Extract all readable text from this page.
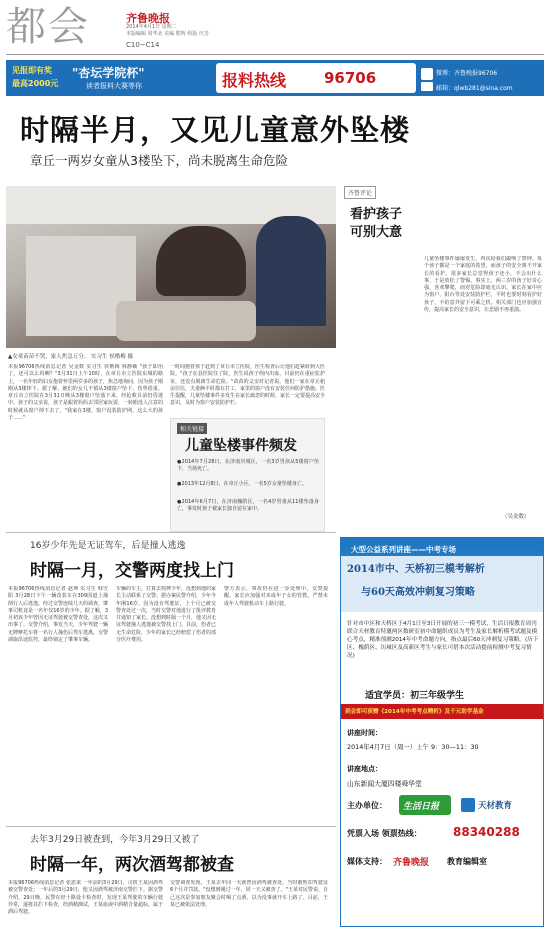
都会	齐鲁晚报
2014年4月1日 星期二
本版编辑 周华北 美编 熊辉 组版 庆芳
C10~C14
见报即有奖
最高2000元
"杏坛学院杯"
读者报料大赛等你	报料热线	96706	微博：齐鲁晚报96706
邮箱：qlwb281@sina.com
时隔半月，又见儿童意外坠楼
章丘一两岁女童从3楼坠下，尚未脱离生命危险
▲女童苗苗不哭，家人焦急万分。 实习生 侯楷梅 摄
本报96706热线消息记者 吴金数 实习生 侯楷梅 林静颖 "孩子即治了，还可以么吗啊？"3月31日上午10时，在章丘市立医院东城的路上，一名年轻的妇女抱着怀里两岁多的孩子，焦急地询问，因为孩子刚刚从3楼摔下。据了解，她们的女儿不慎从3楼窗户坠下，伤势很重。章丘市立医院在3月31日晚从3楼窗户坠落下来，经抢救目前仍昏迷中。孩子的父亲说，孩子是跟着妈妈去邻居家玩耍，一转眼没人注意的时候就从窗户掉下去了，"我家在3楼，窗户没装防护网，这么大的孩子……"
一时间抱着孩子赶到了章丘市立医院，医生检查后让他们赶紧转到大医院。"孩子在县医院住了院，医生说孩子颅内出血，目前仍在重症监护室，还没有脱离生命危险。"苗苗的父亲对记者说。他们一家在章丘租房居住，夫妻俩平时都在打工，家里的窗户没有安装任何防护措施。医生提醒，儿童坠楼事件多发生在家长疏忽的时候，家长一定要提高安全意识，及时为窗户安装防护栏。
相关链接
儿童坠楼事件频发
●2014年7月28日，在济南历城区，一名3岁男孩从5楼窗户坠下，当场死亡。
●2013年12月8日，在章丘小区，一名5岁女童坠楼身亡。
●2014年6月7日，在济南槐荫区，一名4岁男童从11楼坠落身亡，事发时孩子被家长独自留在家中。
齐鲁评论
看护孩子
可别大意
儿童坠楼事件屡屡发生，再次给我们敲响了警钟。每个孩子都是一个家庭的希望，而孩子的安全离不开家长的看护。很多家长总觉得孩子还小，不会出什么事，于是放松了警惕。事实上，两三岁的孩子好奇心强，喜欢攀爬，而对危险却毫无认识。家长在家中应为窗户、阳台等处安装防护栏，平时也要时刻看护好孩子，不给意外留下可乘之机。相关部门也应加强宣传，提高家长的安全意识，让悲剧不再重演。
（吴金数）
16岁少年先是无证驾车，后是撞人逃逸
时隔一月，交警两度找上门
本报96706热线消息记者 赵坤 实习生 韩雪阳 3月28日下午一辆改装车在309国道上撞倒行人后逃逸。经过交警连续几天的调查，肇事司机竟是一名年仅16岁的少年。据了解，3月初该少年曾因无证驾驶被交警查处，这次又出事了。交警介绍，事发当天，少年驾驶一辆无牌摩托车将一名行人撞伤后驾车逃离，交警调取沿途监控，最终锁定了肇事车辆。
车辆的车主，打算去拘押少年，没想到他的家长主动联系了交警。据办案民警介绍，少年今年刚16岁，因为没有驾驶证，上个月已被交警查处过一次，当时交警对他进行了批评教育并通知了家长。没想到时隔一个月，他又因无证驾驶撞人逃逸被交警找上门。目前，伤者已无生命危险，少年的家长已经赔偿了伤者的部分医疗费用。
警方表示，事故仍在进一步处理中。交警提醒，家长应加强对未成年子女的管教，严禁未成年人驾驶机动车上路行驶。
去年3月29日被查到，今年3月29日又被了
时隔一年，两次酒驾都被查
本报96706热线消息记者 张恩来 一年前的3月29日，司机王某因酒驾被交警查处；一年后的3月29日，他又因酒驾被济南交警拦下。据交警介绍，29日晚，民警在经十路设卡检查时，发现王某驾驶的车辆行驶异常，遂将其拦下检查，经酒精测试，王某血液中酒精含量超标，属于酒后驾驶。
交警调查发现，王某去年同一天就曾因酒驾被查处，当时被暂扣驾驶证6个月并罚款。"没想到刚过一年，同一天又被查了。"王某对民警说，自己这次是参加朋友聚会时喝了点酒，以为没事就开车上路了。目前，王某已被依法处理。
大型公益系列讲座——中考专场
2014市中、天桥初三模考解析
与60天高效冲刺复习策略
针对市中区和天桥区于4月1日至3日开展的初三一模考试，生活日报教育周刊联合天材教育特邀两区数研室初中命题组成员为考生及家长解析模考试题及模心考点，精准预测2014年中考命题方向，指点最后60天冲刺复习策略。(历下区、槐荫区、历城区及高新区考生与家长可借本次活动提前检测中考复习情况)
适宜学员：初三年级学生
到会即可获赠《2014年中考考点精析》及千元助学基金
讲座时间：
2014年4月7日（周一）上午 9：30—11：30
讲座地点：
山东新闻大厦四楼舜华堂
主办单位： 生活日报	天材教育
凭票入场 领票热线：	88340288
媒体支持： 齐鲁晚报 教育编辑室
